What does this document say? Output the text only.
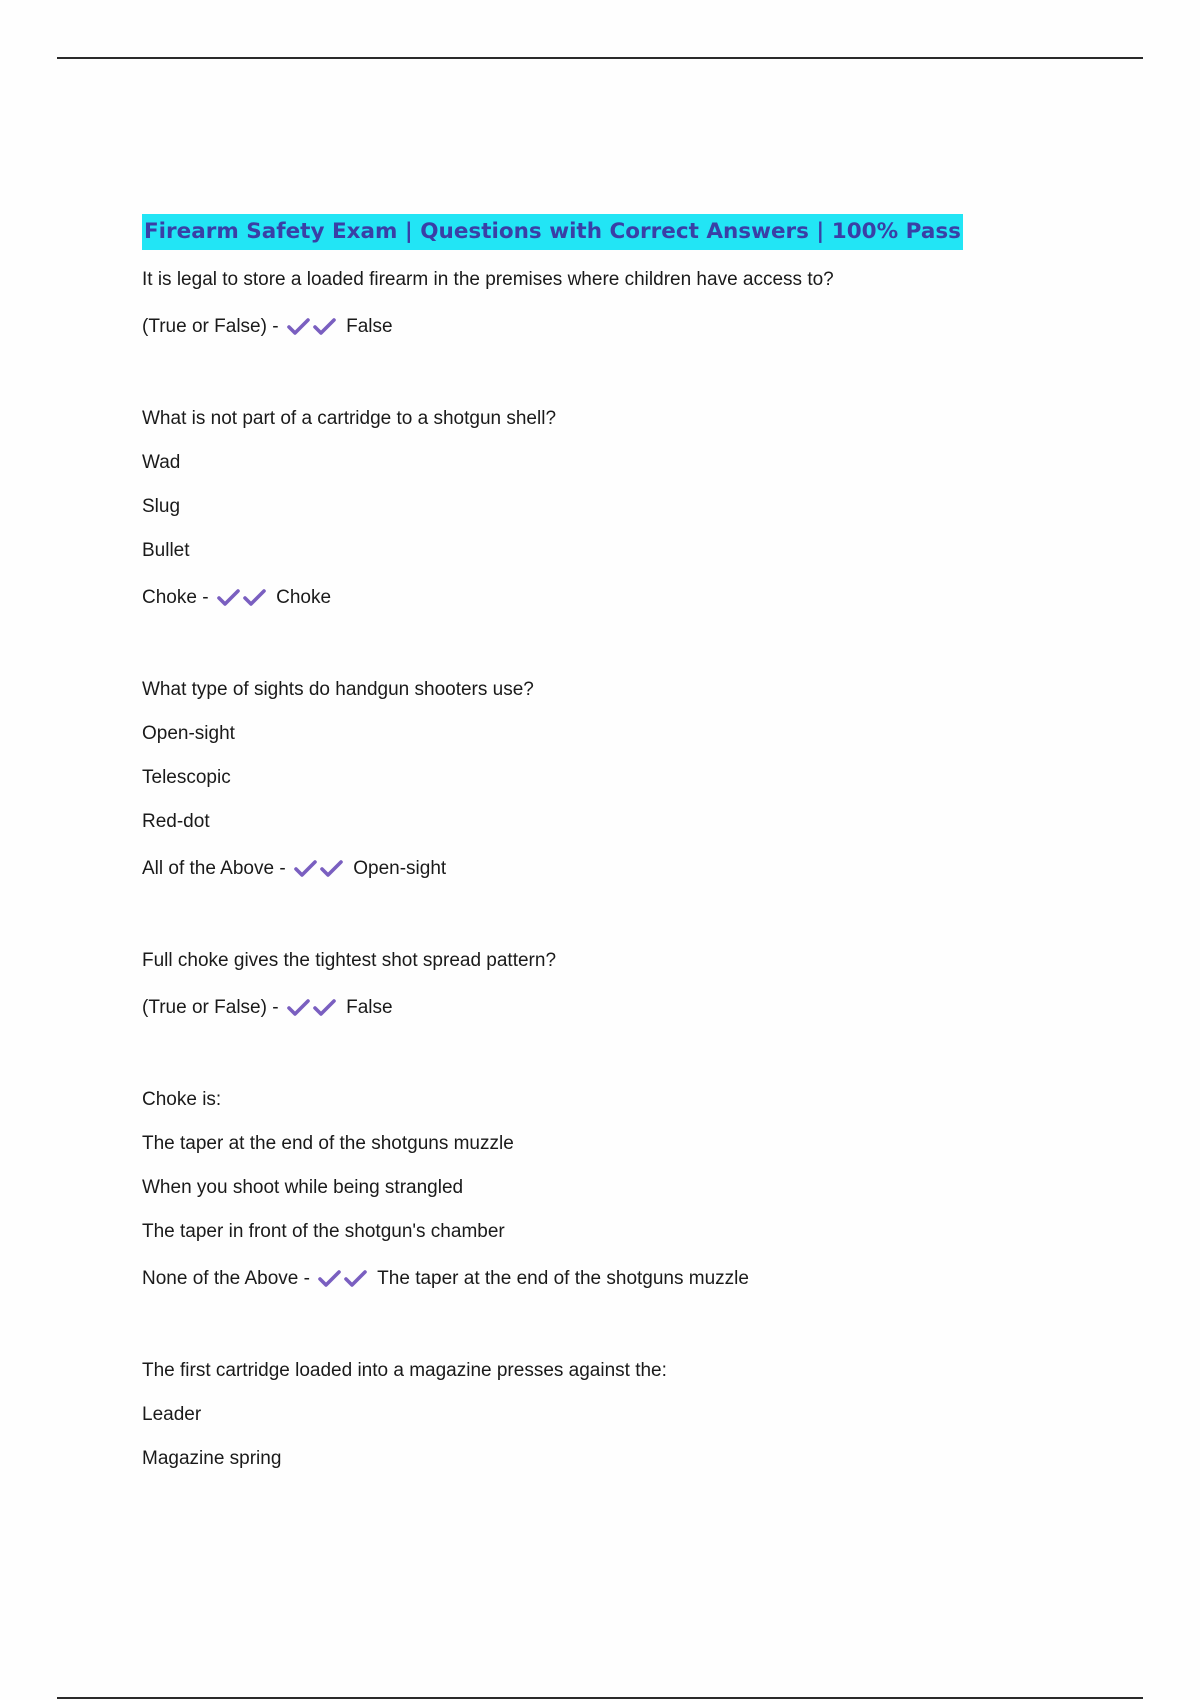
Firearm Safety Exam | Questions with Correct Answers | 100% Pass
It is legal to store a loaded firearm in the premises where children have access to?
(True or False) -	False
What is not part of a cartridge to a shotgun shell?
Wad
Slug
Bullet
Choke -	Choke
What type of sights do handgun shooters use?
Open-sight
Telescopic
Red-dot
All of the Above -	Open-sight
Full choke gives the tightest shot spread pattern?
(True or False) -	False
Choke is:
The taper at the end of the shotguns muzzle
When you shoot while being strangled
The taper in front of the shotgun's chamber
None of the Above -	The taper at the end of the shotguns muzzle
The first cartridge loaded into a magazine presses against the:
Leader
Magazine spring
